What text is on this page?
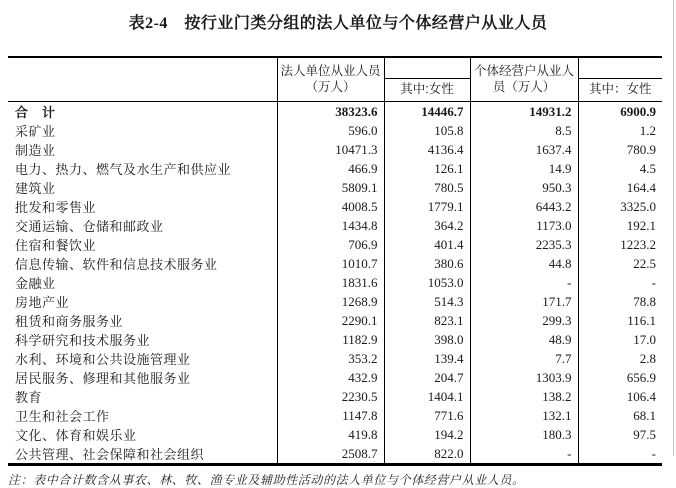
表2-4　按行业门类分组的法人单位与个体经营户从业人员
	法人单位从业人员（万人）		个体经营户从业人员（万人）	
		其中:女性		其中：女性
合　计	38323.6	14446.7	14931.2	6900.9
采矿业	596.0	105.8	8.5	1.2
制造业	10471.3	4136.4	1637.4	780.9
电力、热力、燃气及水生产和供应业	466.9	126.1	14.9	4.5
建筑业	5809.1	780.5	950.3	164.4
批发和零售业	4008.5	1779.1	6443.2	3325.0
交通运输、仓储和邮政业	1434.8	364.2	1173.0	192.1
住宿和餐饮业	706.9	401.4	2235.3	1223.2
信息传输、软件和信息技术服务业	1010.7	380.6	44.8	22.5
金融业	1831.6	1053.0	-	-
房地产业	1268.9	514.3	171.7	78.8
租赁和商务服务业	2290.1	823.1	299.3	116.1
科学研究和技术服务业	1182.9	398.0	48.9	17.0
水利、环境和公共设施管理业	353.2	139.4	7.7	2.8
居民服务、修理和其他服务业	432.9	204.7	1303.9	656.9
教育	2230.5	1404.1	138.2	106.4
卫生和社会工作	1147.8	771.6	132.1	68.1
文化、体育和娱乐业	419.8	194.2	180.3	97.5
公共管理、社会保障和社会组织	2508.7	822.0	-	-
注：表中合计数含从事农、林、牧、渔专业及辅助性活动的法人单位与个体经营户从业人员。
